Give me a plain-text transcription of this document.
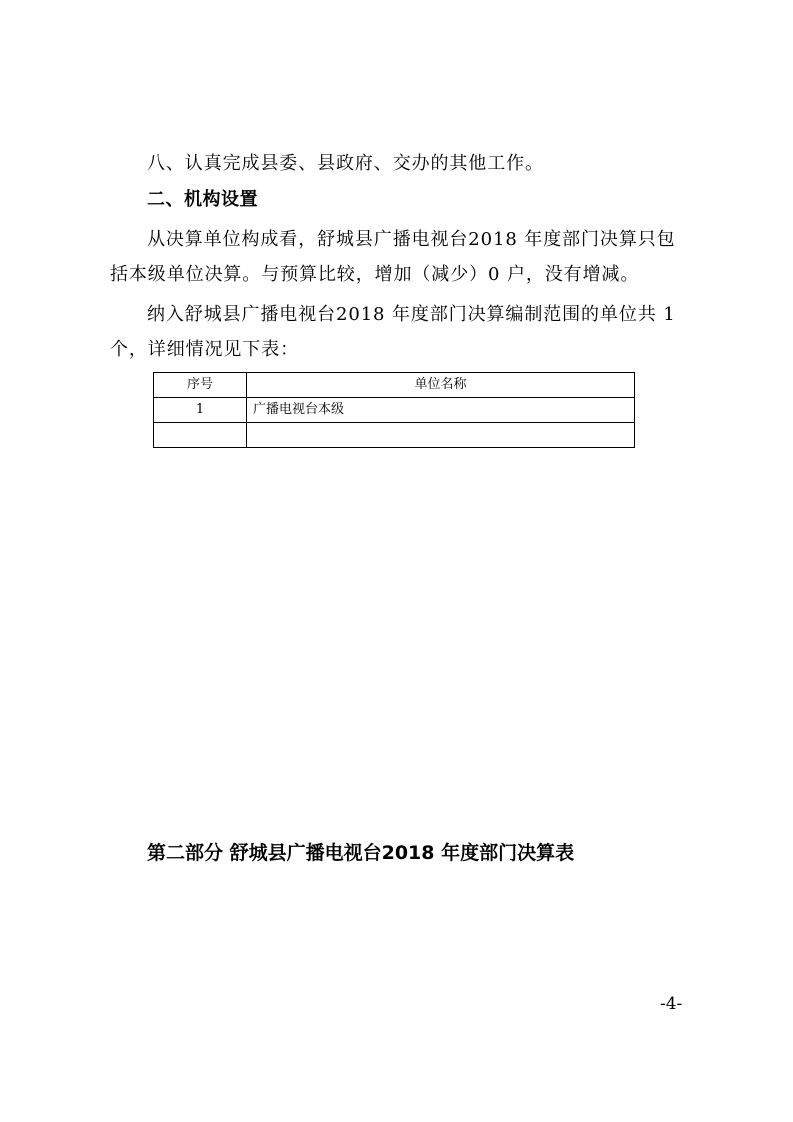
八、认真完成县委、县政府、交办的其他工作。
二、机构设置
从决算单位构成看，舒城县广播电视台2018 年度部门决算只包
括本级单位决算。与预算比较，增加（减少）0 户，没有增减。
纳入舒城县广播电视台2018 年度部门决算编制范围的单位共 1
个，详细情况见下表：
序号	单位名称
1	广播电视台本级

第二部分 舒城县广播电视台2018 年度部门决算表
-4-
